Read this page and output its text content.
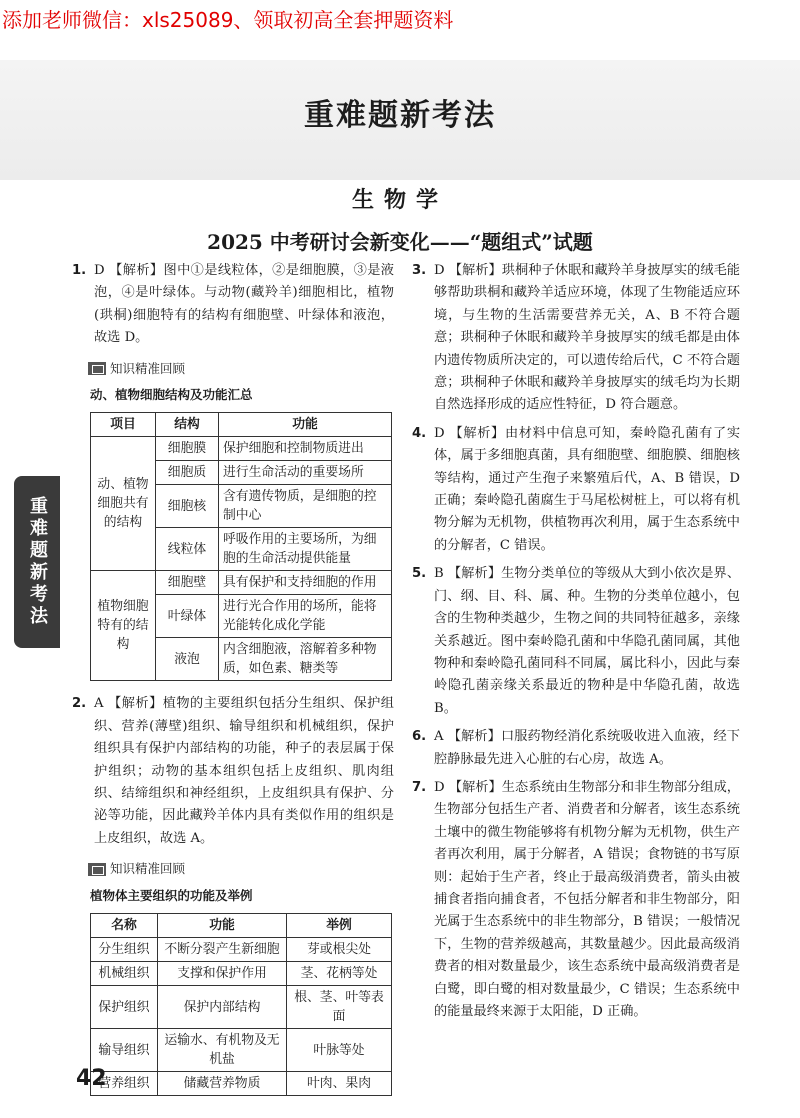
添加老师微信：xls25089、领取初高全套押题资料
重难题新考法
生物学
2025 中考研讨会新变化——“题组式”试题
重难题新考法
1. D 【解析】图中①是线粒体，②是细胞膜，③是液泡，④是叶绿体。与动物(藏羚羊)细胞相比，植物(珙桐)细胞特有的结构有细胞壁、叶绿体和液泡，故选 D。
知识精准回顾
动、植物细胞结构及功能汇总
项目	结构	功能
动、植物细胞共有的结构	细胞膜	保护细胞和控制物质进出
	细胞质	进行生命活动的重要场所
	细胞核	含有遗传物质，是细胞的控制中心
	线粒体	呼吸作用的主要场所，为细胞的生命活动提供能量
植物细胞特有的结构	细胞壁	具有保护和支持细胞的作用
	叶绿体	进行光合作用的场所，能将光能转化成化学能
	液泡	内含细胞液，溶解着多种物质，如色素、糖类等
2. A 【解析】植物的主要组织包括分生组织、保护组织、营养(薄壁)组织、输导组织和机械组织，保护组织具有保护内部结构的功能，种子的表层属于保护组织；动物的基本组织包括上皮组织、肌肉组织、结缔组织和神经组织，上皮组织具有保护、分泌等功能，因此藏羚羊体内具有类似作用的组织是上皮组织，故选 A。
知识精准回顾
植物体主要组织的功能及举例
名称	功能	举例
分生组织	不断分裂产生新细胞	芽或根尖处
机械组织	支撑和保护作用	茎、花柄等处
保护组织	保护内部结构	根、茎、叶等表面
输导组织	运输水、有机物及无机盐	叶脉等处
营养组织	储藏营养物质	叶肉、果肉
3. D 【解析】珙桐种子休眠和藏羚羊身披厚实的绒毛能够帮助珙桐和藏羚羊适应环境，体现了生物能适应环境，与生物的生活需要营养无关，A、B 不符合题意；珙桐种子休眠和藏羚羊身披厚实的绒毛都是由体内遗传物质所决定的，可以遗传给后代，C 不符合题意；珙桐种子休眠和藏羚羊身披厚实的绒毛均为长期自然选择形成的适应性特征，D 符合题意。
4. D 【解析】由材料中信息可知，秦岭隐孔菌有了实体，属于多细胞真菌，具有细胞壁、细胞膜、细胞核等结构，通过产生孢子来繁殖后代，A、B 错误，D 正确；秦岭隐孔菌腐生于马尾松树桩上，可以将有机物分解为无机物，供植物再次利用，属于生态系统中的分解者，C 错误。
5. B 【解析】生物分类单位的等级从大到小依次是界、门、纲、目、科、属、种。生物的分类单位越小，包含的生物种类越少，生物之间的共同特征越多，亲缘关系越近。图中秦岭隐孔菌和中华隐孔菌同属，其他物种和秦岭隐孔菌同科不同属，属比科小，因此与秦岭隐孔菌亲缘关系最近的物种是中华隐孔菌，故选 B。
6. A 【解析】口服药物经消化系统吸收进入血液，经下腔静脉最先进入心脏的右心房，故选 A。
7. D 【解析】生态系统由生物部分和非生物部分组成，生物部分包括生产者、消费者和分解者，该生态系统土壤中的微生物能够将有机物分解为无机物，供生产者再次利用，属于分解者，A 错误；食物链的书写原则：起始于生产者，终止于最高级消费者，箭头由被捕食者指向捕食者，不包括分解者和非生物部分，阳光属于生态系统中的非生物部分，B 错误；一般情况下，生物的营养级越高，其数量越少。因此最高级消费者的相对数量最少，该生态系统中最高级消费者是白鹭，即白鹭的相对数量最少，C 错误；生态系统中的能量最终来源于太阳能，D 正确。
42
